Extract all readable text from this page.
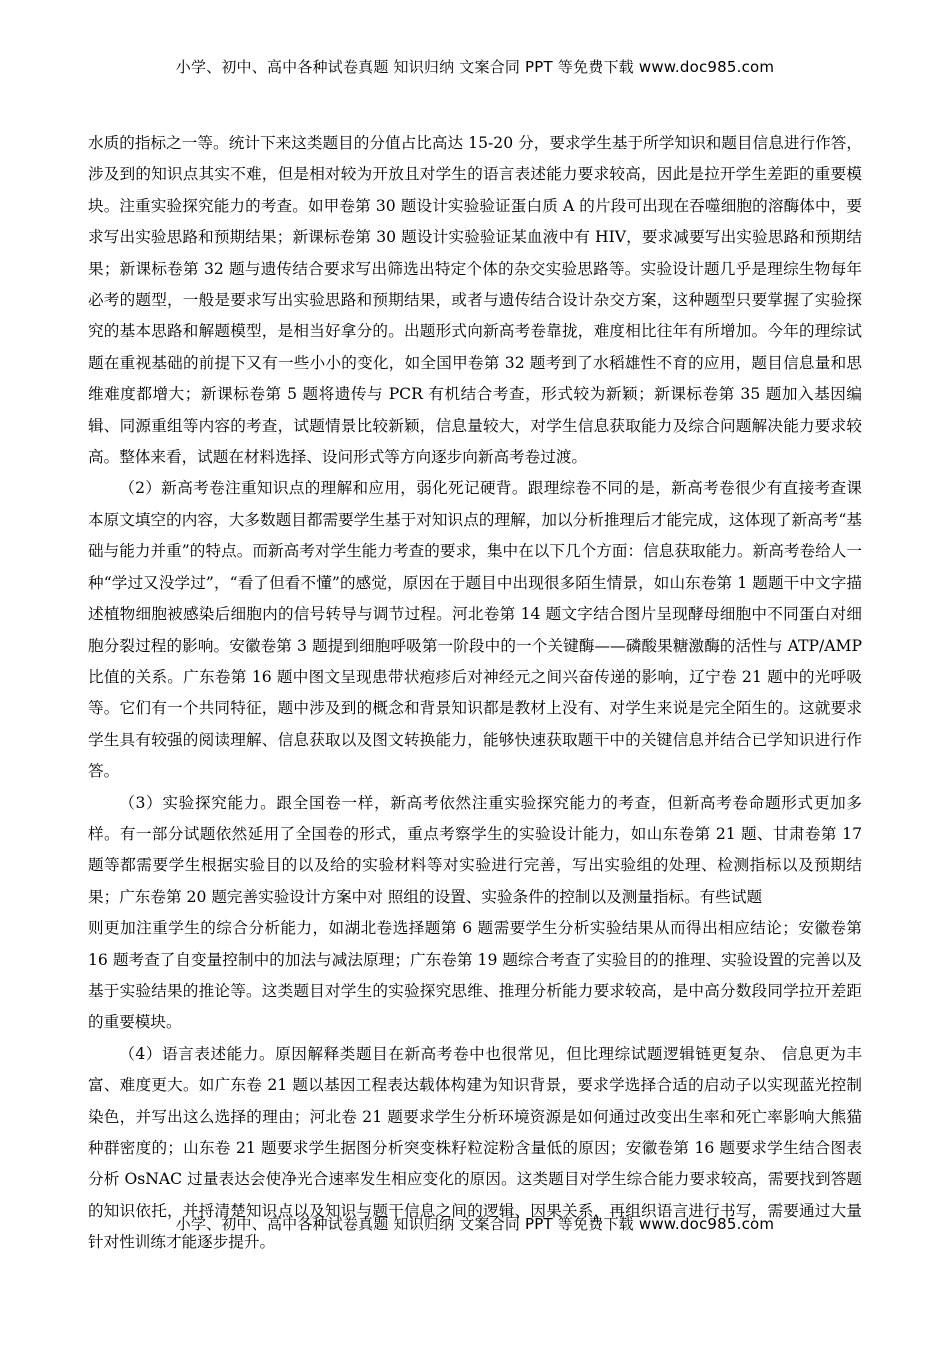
小学、初中、高中各种试卷真题 知识归纳 文案合同 PPT 等免费下载 www.doc985.com

水质的指标之一等。统计下来这类题目的分值占比高达 15-20 分，要求学生基于所学知识和题目信息进行作答，涉及到的知识点其实不难，但是相对较为开放且对学生的语言表述能力要求较高，因此是拉开学生差距的重要模块。注重实验探究能力的考查。如甲卷第 30 题设计实验验证蛋白质 A 的片段可出现在吞噬细胞的溶酶体中，要求写出实验思路和预期结果；新课标卷第 30 题设计实验验证某血液中有 HIV，要求减要写出实验思路和预期结果；新课标卷第 32 题与遗传结合要求写出筛选出特定个体的杂交实验思路等。实验设计题几乎是理综生物每年必考的题型，一般是要求写出实验思路和预期结果，或者与遗传结合设计杂交方案，这种题型只要掌握了实验探究的基本思路和解题模型，是相当好拿分的。出题形式向新高考卷靠拢，难度相比往年有所增加。今年的理综试题在重视基础的前提下又有一些小小的变化，如全国甲卷第 32 题考到了水稻雄性不育的应用，题目信息量和思维难度都增大；新课标卷第 5 题将遗传与 PCR 有机结合考查，形式较为新颖；新课标卷第 35 题加入基因编辑、同源重组等内容的考查，试题情景比较新颖，信息量较大，对学生信息获取能力及综合问题解决能力要求较高。整体来看，试题在材料选择、设问形式等方向逐步向新高考卷过渡。

（2）新高考卷注重知识点的理解和应用，弱化死记硬背。跟理综卷不同的是，新高考卷很少有直接考查课本原文填空的内容，大多数题目都需要学生基于对知识点的理解，加以分析推理后才能完成，这体现了新高考“基础与能力并重”的特点。而新高考对学生能力考查的要求，集中在以下几个方面：信息获取能力。新高考卷给人一种“学过又没学过”，“看了但看不懂”的感觉，原因在于题目中出现很多陌生情景，如山东卷第 1 题题干中文字描述植物细胞被感染后细胞内的信号转导与调节过程。河北卷第 14 题文字结合图片呈现酵母细胞中不同蛋白对细胞分裂过程的影响。安徽卷第 3 题提到细胞呼吸第一阶段中的一个关键酶——磷酸果糖激酶的活性与 ATP/AMP 比值的关系。广东卷第 16 题中图文呈现患带状疱疹后对神经元之间兴奋传递的影响，辽宁卷 21 题中的光呼吸等。它们有一个共同特征，题中涉及到的概念和背景知识都是教材上没有、对学生来说是完全陌生的。这就要求学生具有较强的阅读理解、信息获取以及图文转换能力，能够快速获取题干中的关键信息并结合已学知识进行作答。

（3）实验探究能力。跟全国卷一样，新高考依然注重实验探究能力的考查，但新高考卷命题形式更加多样。有一部分试题依然延用了全国卷的形式，重点考察学生的实验设计能力，如山东卷第 21 题、甘肃卷第 17 题等都需要学生根据实验目的以及给的实验材料等对实验进行完善，写出实验组的处理、检测指标以及预期结果；广东卷第 20 题完善实验设计方案中对 照组的设置、实验条件的控制以及测量指标。有些试题

则更加注重学生的综合分析能力，如湖北卷选择题第 6 题需要学生分析实验结果从而得出相应结论；安徽卷第 16 题考查了自变量控制中的加法与减法原理；广东卷第 19 题综合考查了实验目的的推理、实验设置的完善以及基于实验结果的推论等。这类题目对学生的实验探究思维、推理分析能力要求较高，是中高分数段同学拉开差距的重要模块。

（4）语言表述能力。原因解释类题目在新高考卷中也很常见，但比理综试题逻辑链更复杂、 信息更为丰富、难度更大。如广东卷 21 题以基因工程表达载体构建为知识背景，要求学选择合适的启动子以实现蓝光控制染色，并写出这么选择的理由；河北卷 21 题要求学生分析环境资源是如何通过改变出生率和死亡率影响大熊猫种群密度的；山东卷 21 题要求学生据图分析突变株籽粒淀粉含量低的原因；安徽卷第 16 题要求学生结合图表分析 OsNAC 过量表达会使净光合速率发生相应变化的原因。这类题目对学生综合能力要求较高，需要找到答题的知识依托，并捋清楚知识点以及知识与题干信息之间的逻辑、因果关系，再组织语言进行书写，需要通过大量针对性训练才能逐步提升。

小学、初中、高中各种试卷真题 知识归纳 文案合同 PPT 等免费下载 www.doc985.com
